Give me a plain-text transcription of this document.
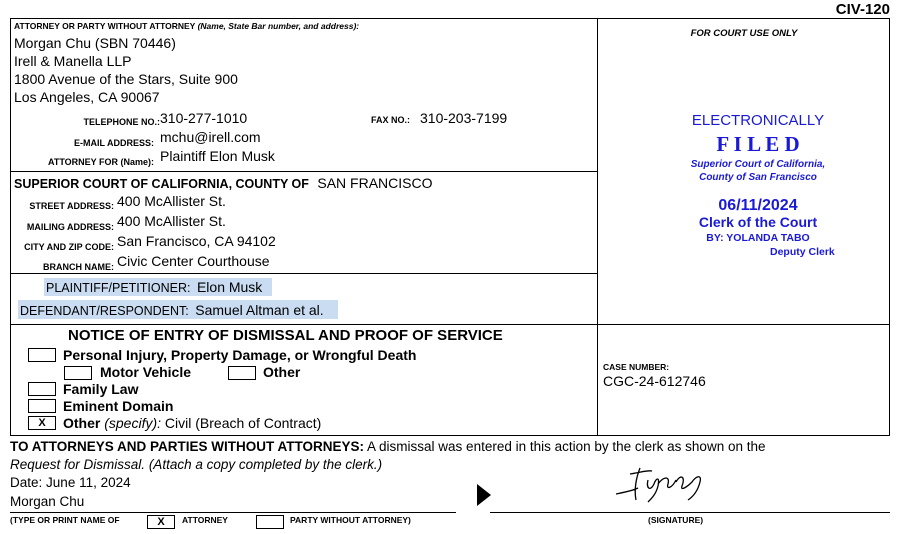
CIV-120
ATTORNEY OR PARTY WITHOUT ATTORNEY (Name, State Bar number, and address):
Morgan Chu (SBN 70446)
Irell & Manella LLP
1800 Avenue of the Stars, Suite 900
Los Angeles, CA 90067
TELEPHONE NO.: 310-277-1010	FAX NO.: 310-203-7199
E-MAIL ADDRESS: mchu@irell.com
ATTORNEY FOR (Name): Plaintiff Elon Musk
SUPERIOR COURT OF CALIFORNIA, COUNTY OF SAN FRANCISCO
STREET ADDRESS: 400 McAllister St.
MAILING ADDRESS: 400 McAllister St.
CITY AND ZIP CODE: San Francisco, CA 94102
BRANCH NAME: Civic Center Courthouse
PLAINTIFF/PETITIONER: Elon Musk
DEFENDANT/RESPONDENT: Samuel Altman et al.
FOR COURT USE ONLY
ELECTRONICALLY
F I L E D
Superior Court of California,
County of San Francisco
06/11/2024
Clerk of the Court
BY: YOLANDA TABO
Deputy Clerk
NOTICE OF ENTRY OF DISMISSAL AND PROOF OF SERVICE
Personal Injury, Property Damage, or Wrongful Death
Motor Vehicle	Other
Family Law
Eminent Domain
X	Other (specify): Civil (Breach of Contract)
CASE NUMBER:
CGC-24-612746
TO ATTORNEYS AND PARTIES WITHOUT ATTORNEYS: A dismissal was entered in this action by the clerk as shown on the
Request for Dismissal. (Attach a copy completed by the clerk.)
Date: June 11, 2024
Morgan Chu
(TYPE OR PRINT NAME OF	X	ATTORNEY	PARTY WITHOUT ATTORNEY)	(SIGNATURE)
